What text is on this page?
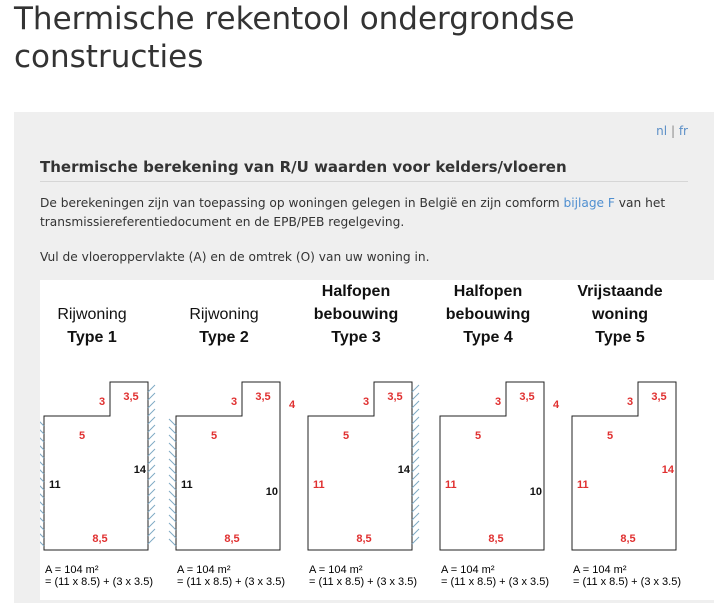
Thermische rekentool ondergrondse constructies
nl | fr
Thermische berekening van R/U waarden voor kelders/vloeren

De berekeningen zijn van toepassing op woningen gelegen in België en zijn comform bijlage F van het transmissiereferentiedocument en de EPB/PEB regelgeving.

Vul de vloeroppervlakte (A) en de omtrek (O) van uw woning in.

3 3,5
5
14
11
8,5
3 3,5
4
5
11
10
8,5
3 3,5
5
14
11
8,5
3 3,5
4
5
11
10
8,5
3 3,5
5
14
11
8,5
Rijwoning
Type 1
A = 104 m²
= (11 x 8.5) + (3 x 3.5)
Rijwoning
Type 2
A = 104 m²
= (11 x 8.5) + (3 x 3.5)
Halfopen
bebouwing
Type 3
A = 104 m²
= (11 x 8.5) + (3 x 3.5)
Halfopen
bebouwing
Type 4
A = 104 m²
= (11 x 8.5) + (3 x 3.5)
Vrijstaande
woning
Type 5
A = 104 m²
= (11 x 8.5) + (3 x 3.5)
